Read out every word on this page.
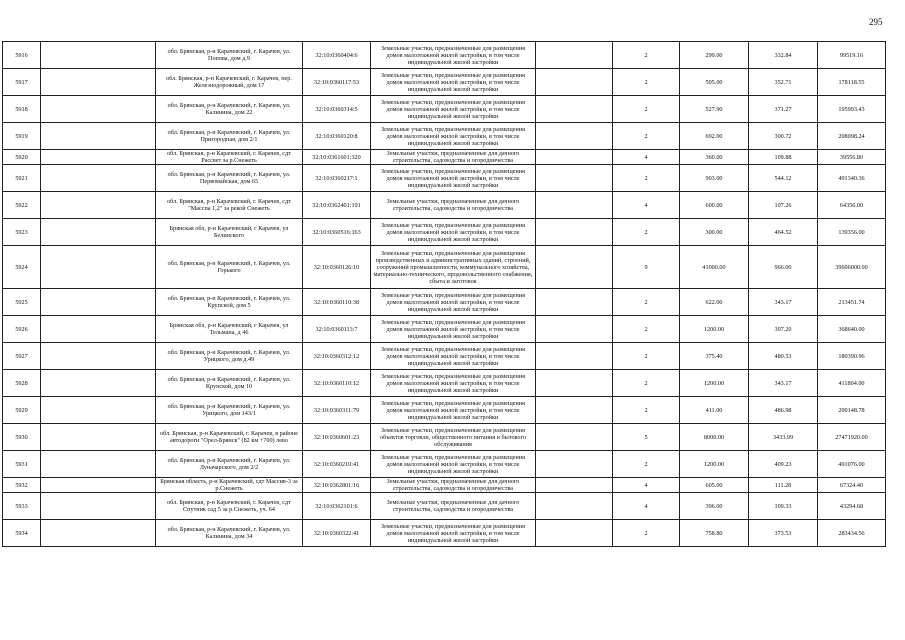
295
5916		обл. Брянская, р-н Карачевский, г. Карачев, ул. Попова, дом д.9	32:10:0360404:6	Земельные участки, предназначенные для размещения домов малоэтажной жилой застройки, в том числе индивидуальной жилой застройки		2	299.00	332.84	99519.16
5917		обл. Брянская, р-н Карачевский, г. Карачев, пер. Железнодорожный, дом 17	32:10:0360117:53	Земельные участки, предназначенные для размещения домов малоэтажной жилой застройки, в том числе индивидуальной жилой застройки		2	505.00	352.71	178118.55
5918		обл. Брянская, р-н Карачевский, г. Карачев, ул. Калинина, дом 22	32:10:0360314:5	Земельные участки, предназначенные для размещения домов малоэтажной жилой застройки, в том числе индивидуальной жилой застройки		2	527.90	371.27	195993.43
5919		обл. Брянская, р-н Карачевский, г. Карачев, ул. Пригородная, дом 2/1	32:10:0360120:8	Земельные участки, предназначенные для размещения домов малоэтажной жилой застройки, в том числе индивидуальной жилой застройки		2	692.00	300.72	208098.24
5920		обл. Брянская, р-н Карачевский, г. Карачев, сдт Рассвет за р.Снежеть	32:10:0361601:320	Земельные участки, предназначенные для дачного строительства, садоводства и огородничества		4	360.00	109.88	39556.80
5921		обл. Брянская, р-н Карачевский, г. Карачев, ул. Первомайская, дом 65	32:10:0360217:1	Земельные участки, предназначенные для размещения домов малоэтажной жилой застройки, в том числе индивидуальной жилой застройки		2	903.00	544.12	491340.36
5922		обл. Брянская, р-н Карачевский, г. Карачев, сдт "Масспа 1,2" за рекой Снежеть	32:10:0362401:191	Земельные участки, предназначенные для дачного строительства, садоводства и огородничества		4	600.00	107.26	64356.00
5923		Брянская обл, р-н Карачевский, г Карачев, ул Белинского	32:10:0360516:163	Земельные участки, предназначенные для размещения домов малоэтажной жилой застройки, в том числе индивидуальной жилой застройки		2	300.00	464.52	139356.00
5924		обл. Брянская, р-н Карачевский, г. Карачев, ул. Горького	32:10:0360126:10	Земельные участки, предназначенные для размещения производственных и административных зданий, строений, сооружений промышленности, коммунального хозяйства, материально-технического, продовольственного снабжения, сбыта и заготовок		9	41000.00	966.00	39606000.00
5925		обл. Брянская, р-н Карачевский, г. Карачев, ул. Крупской, дом 5	32:10:0360110:38	Земельные участки, предназначенные для размещения домов малоэтажной жилой застройки, в том числе индивидуальной жилой застройки		2	622.00	343.17	213451.74
5926		Брянская обл, р-н Карачевский, г Карачев, ул Тельмана, д 46	32:10:0360113:7	Земельные участки, предназначенные для размещения домов малоэтажной жилой застройки, в том числе индивидуальной жилой застройки		2	1200.00	307.20	368640.00
5927		обл. Брянская, р-н Карачевский, г. Карачев, ул. Урицкого, дом д.49	32:10:0360312:12	Земельные участки, предназначенные для размещения домов малоэтажной жилой застройки, в том числе индивидуальной жилой застройки		2	375.40	480.53	180390.96
5928		обл. Брянская, р-н Карачевский, г. Карачев, ул. Крупской, дом 10	32:10:0360110:12	Земельные участки, предназначенные для размещения домов малоэтажной жилой застройки, в том числе индивидуальной жилой застройки		2	1200.00	343.17	411804.00
5929		обл. Брянская, р-н Карачевский, г. Карачев, ул. Урицкого, дом 143/1	32:10:0360311:79	Земельные участки, предназначенные для размещения домов малоэтажной жилой застройки, в том числе индивидуальной жилой застройки		2	411.00	486.98	200148.78
5930		обл. Брянская, р-н Карачевский, г. Карачев, в районе автодороги "Орел-Брянск" (82 км +700) лево	32:10:0360601:23	Земельные участки, предназначенные для размещения объектов торговли, общественного питания и бытового обслуживания		5	8000.00	3433.99	27471920.00
5931		обл. Брянская, р-н Карачевский, г. Карачев, ул. Луначарского, дом 2/2	32:10:0360210:41	Земельные участки, предназначенные для размещения домов малоэтажной жилой застройки, в том числе индивидуальной жилой застройки		2	1200.00	409.23	491076.00
5932		Брянская область, р-н Карачевский, сдт Массив-3 за р.Снежеть	32:10:0362801:16	Земельные участки, предназначенные для дачного строительства, садоводства и огородничества		4	605.00	111.28	67324.40
5933		обл. Брянская, р-н Карачевский, г. Карачев, сдт Спутник сад 5 за р.Снежеть, уч. 64	32:10:0362101:6	Земельные участки, предназначенные для дачного строительства, садоводства и огородничества		4	396.00	109.33	43294.68
5934		обл. Брянская, р-н Карачевский, г. Карачев, ул. Калинина, дом 34	32:10:0360322:41	Земельные участки, предназначенные для размещения домов малоэтажной жилой застройки, в том числе индивидуальной жилой застройки		2	758.80	373.53	283434.56
